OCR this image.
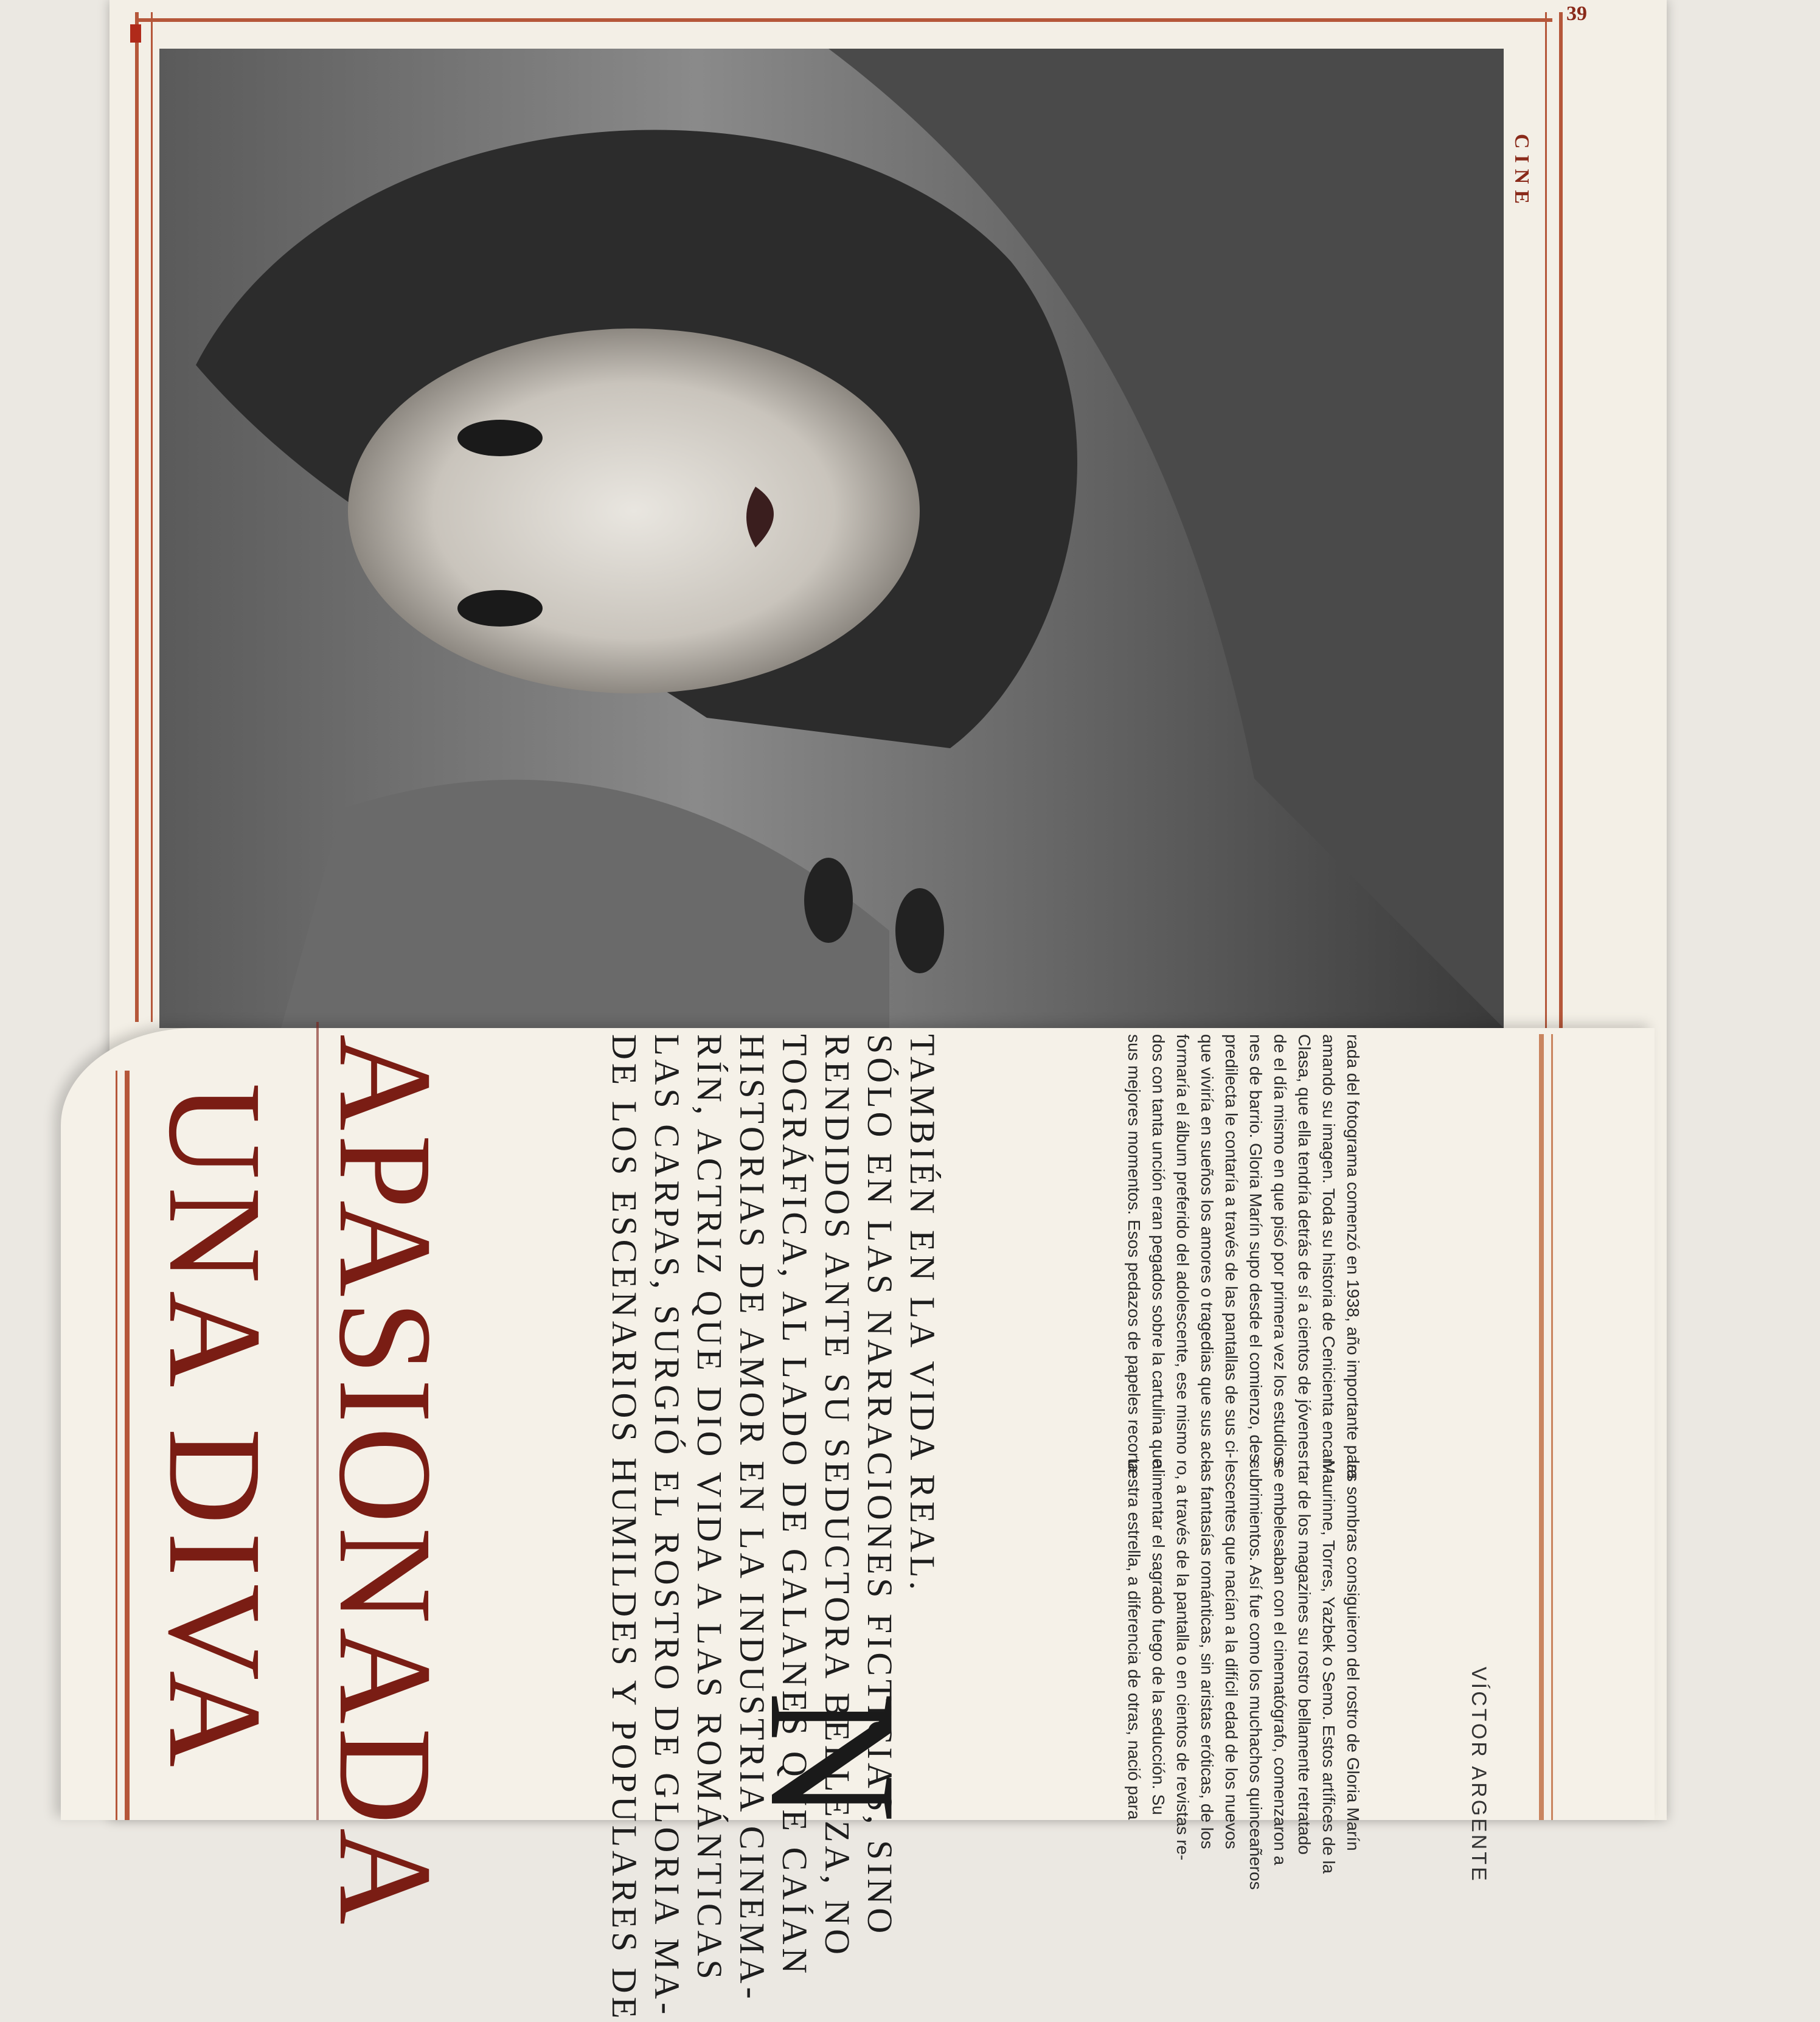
39
CINE
UNA DIVA APASIONADA	DE LOS ESCENARIOS HUMILDES Y POPULARES DE LAS CARPAS, SURGIÓ EL ROSTRO DE GLORIA MA- RÍN, ACTRIZ QUE DIO VIDA A LAS ROMÁNTICAS HISTORIAS DE AMOR EN LA INDUSTRIA CINEMA- TOGRÁFICA, AL LADO DE GALANES QUE CAÍAN RENDIDOS ANTE SU SEDUCTORA BELLEZA, NO SÓLO EN LAS NARRACIONES FICTICIAS, SINO TAMBIÉN EN LA VIDA REAL.
N	uestra estrella, a diferencia de otras, nació para alimentar el sagrado fuego de la seducción. Su ro, a través de la pantalla o en cientos de revistas re- las fantasías románticas, sin aristas eróticas, de los lescentes que nacían a la difícil edad de los nuevos cubrimientos. Así fue como los muchachos quinceañeros se embelesaban con el cinematógrafo, comenzaron a rtar de los magazines su rostro bellamente retratado Maurinne, Torres, Yazbek o Semo. Estos artífices de la las sombras consiguieron del rostro de Gloria Marín
sus mejores momentos. Esos pedazos de papeles recorta- dos con tanta unción eran pegados sobre la cartulina que formaría el álbum preferido del adolescente, ese mismo que viviría en sueños los amores o tragedias que sus ac- predilecta le contaría a través de las pantallas de sus ci- nes de barrio. Gloria Marín supo desde el comienzo, des- de el día mismo en que pisó por primera vez los estudios Clasa, que ella tendría detrás de sí a cientos de jóvenes amando su imagen. Toda su historia de Cenicienta encan- rada del fotograma comenzó en 1938, año importante para
VÍCTOR ARGENTE
